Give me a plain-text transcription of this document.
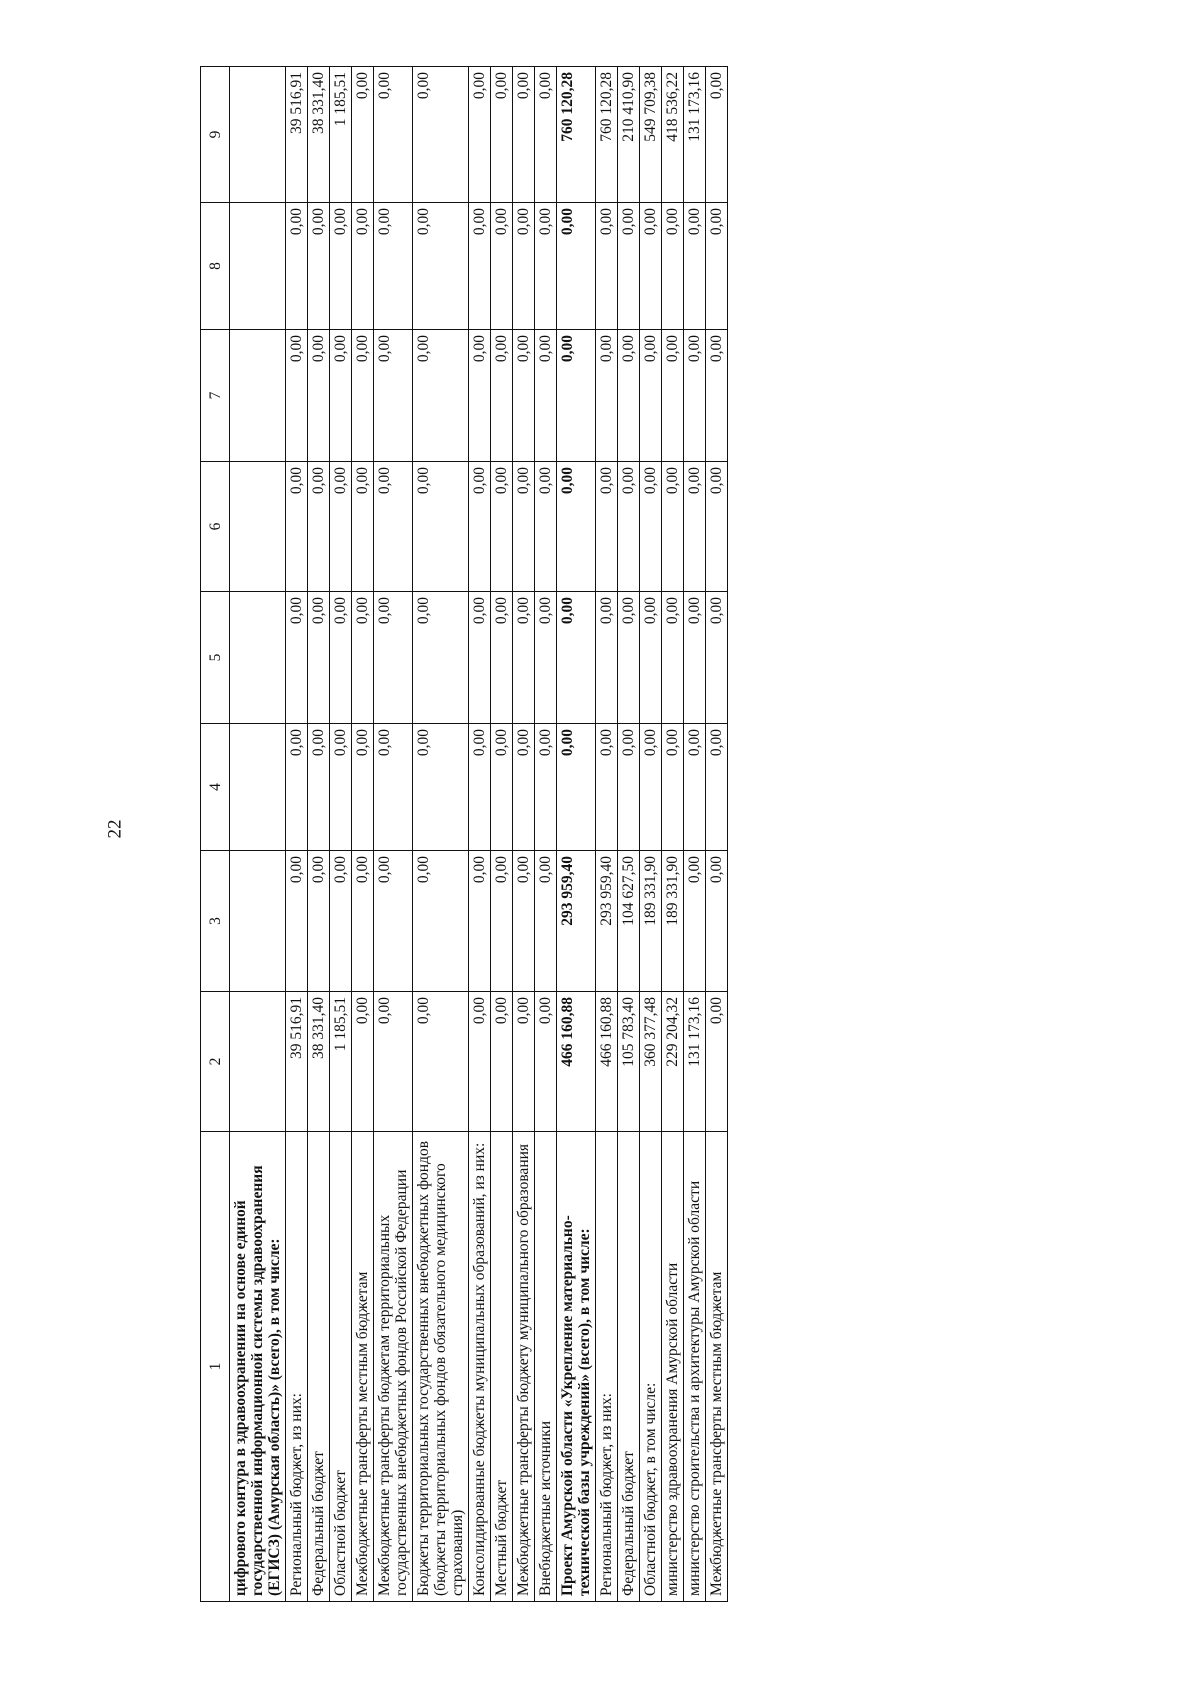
22
1	2	3	4	5	6	7	8	9
цифрового контура в здравоохранении на основе единой государственной информационной системы здравоохранения (ЕГИСЗ) (Амурская область)» (всего), в том числе:								
Региональный бюджет, из них:	39 516,91	0,00	0,00	0,00	0,00	0,00	0,00	39 516,91
Федеральный бюджет	38 331,40	0,00	0,00	0,00	0,00	0,00	0,00	38 331,40
Областной бюджет	1 185,51	0,00	0,00	0,00	0,00	0,00	0,00	1 185,51
Межбюджетные трансферты местным бюджетам	0,00	0,00	0,00	0,00	0,00	0,00	0,00	0,00
Межбюджетные трансферты бюджетам территориальных государственных внебюджетных фондов Российской Федерации	0,00	0,00	0,00	0,00	0,00	0,00	0,00	0,00
Бюджеты территориальных государственных внебюджетных фондов (бюджеты территориальных фондов обязательного медицинского страхования)	0,00	0,00	0,00	0,00	0,00	0,00	0,00	0,00
Консолидированные бюджеты муниципальных образований, из них:	0,00	0,00	0,00	0,00	0,00	0,00	0,00	0,00
Местный бюджет	0,00	0,00	0,00	0,00	0,00	0,00	0,00	0,00
Межбюджетные трансферты бюджету муниципального образования	0,00	0,00	0,00	0,00	0,00	0,00	0,00	0,00
Внебюджетные источники	0,00	0,00	0,00	0,00	0,00	0,00	0,00	0,00
Проект Амурской области «Укрепление материально-технической базы учреждений» (всего), в том числе:	466 160,88	293 959,40	0,00	0,00	0,00	0,00	0,00	760 120,28
Региональный бюджет, из них:	466 160,88	293 959,40	0,00	0,00	0,00	0,00	0,00	760 120,28
Федеральный бюджет	105 783,40	104 627,50	0,00	0,00	0,00	0,00	0,00	210 410,90
Областной бюджет, в том числе:	360 377,48	189 331,90	0,00	0,00	0,00	0,00	0,00	549 709,38
министерство здравоохранения Амурской области	229 204,32	189 331,90	0,00	0,00	0,00	0,00	0,00	418 536,22
министерство строительства и архитектуры Амурской области	131 173,16	0,00	0,00	0,00	0,00	0,00	0,00	131 173,16
Межбюджетные трансферты местным бюджетам	0,00	0,00	0,00	0,00	0,00	0,00	0,00	0,00
